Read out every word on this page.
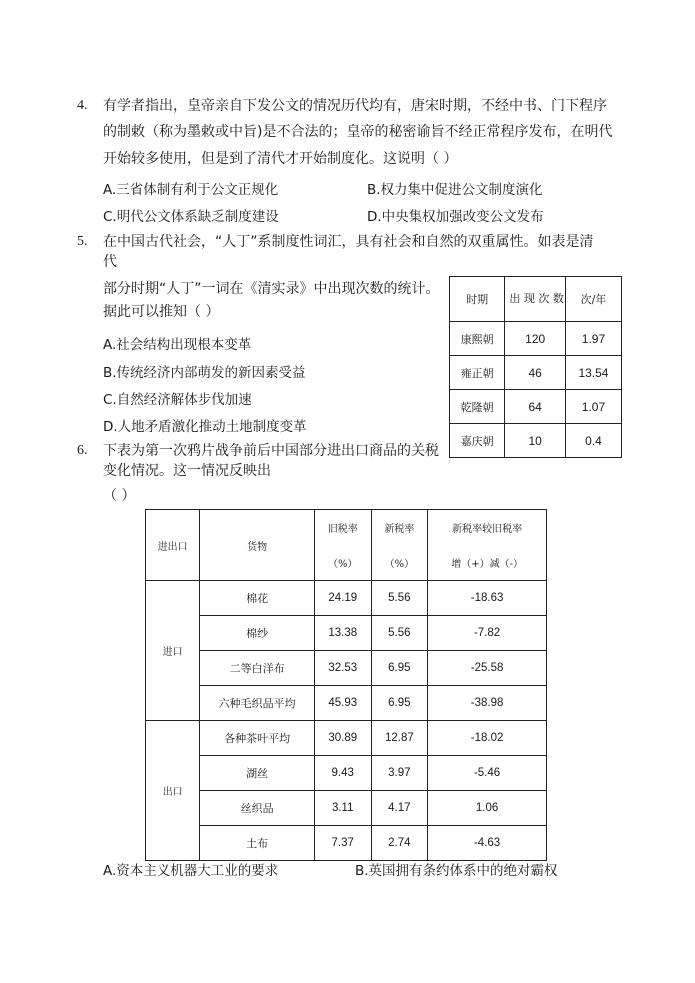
4. 有学者指出，皇帝亲自下发公文的情况历代均有，唐宋时期，不经中书、门下程序
的制敕（称为墨敕或中旨)是不合法的；皇帝的秘密谕旨不经正常程序发布，在明代
开始较多使用，但是到了清代才开始制度化。这说明（ ）
A.三省体制有利于公文正规化	B.权力集中促进公文制度演化
C.明代公文体系缺乏制度建设	D.中央集权加强改变公文发布
5. 在中国古代社会，“人丁”系制度性词汇，具有社会和自然的双重属性。如表是清
代
部分时期“人丁”一词在《清实录》中出现次数的统计。
据此可以推知（ ）
A.社会结构出现根本变革
B.传统经济内部萌发的新因素受益
C.自然经济解体步伐加速
D.人地矛盾激化推动土地制度变革
时期	出 现 次 数	次/年
康熙朝	120	1.97
雍正朝	46	13.54
乾隆朝	64	1.07
嘉庆朝	10	0.4
6. 下表为第一次鸦片战争前后中国部分进出口商品的关税
变化情况。这一情况反映出
（ ）
进出口	货物	旧税率	新税率	新税率较旧税率
		（%）	（%）	增（+）减（-）
进口	棉花	24.19	5.56	-18.63
	棉纱	13.38	5.56	-7.82
	二等白洋布	32.53	6.95	-25.58
	六种毛织品平均	45.93	6.95	-38.98
出口	各种茶叶平均	30.89	12.87	-18.02
	湖丝	9.43	3.97	-5.46
	丝织品	3.11	4.17	1.06
	土布	7.37	2.74	-4.63
A.资本主义机器大工业的要求	B.英国拥有条约体系中的绝对霸权
